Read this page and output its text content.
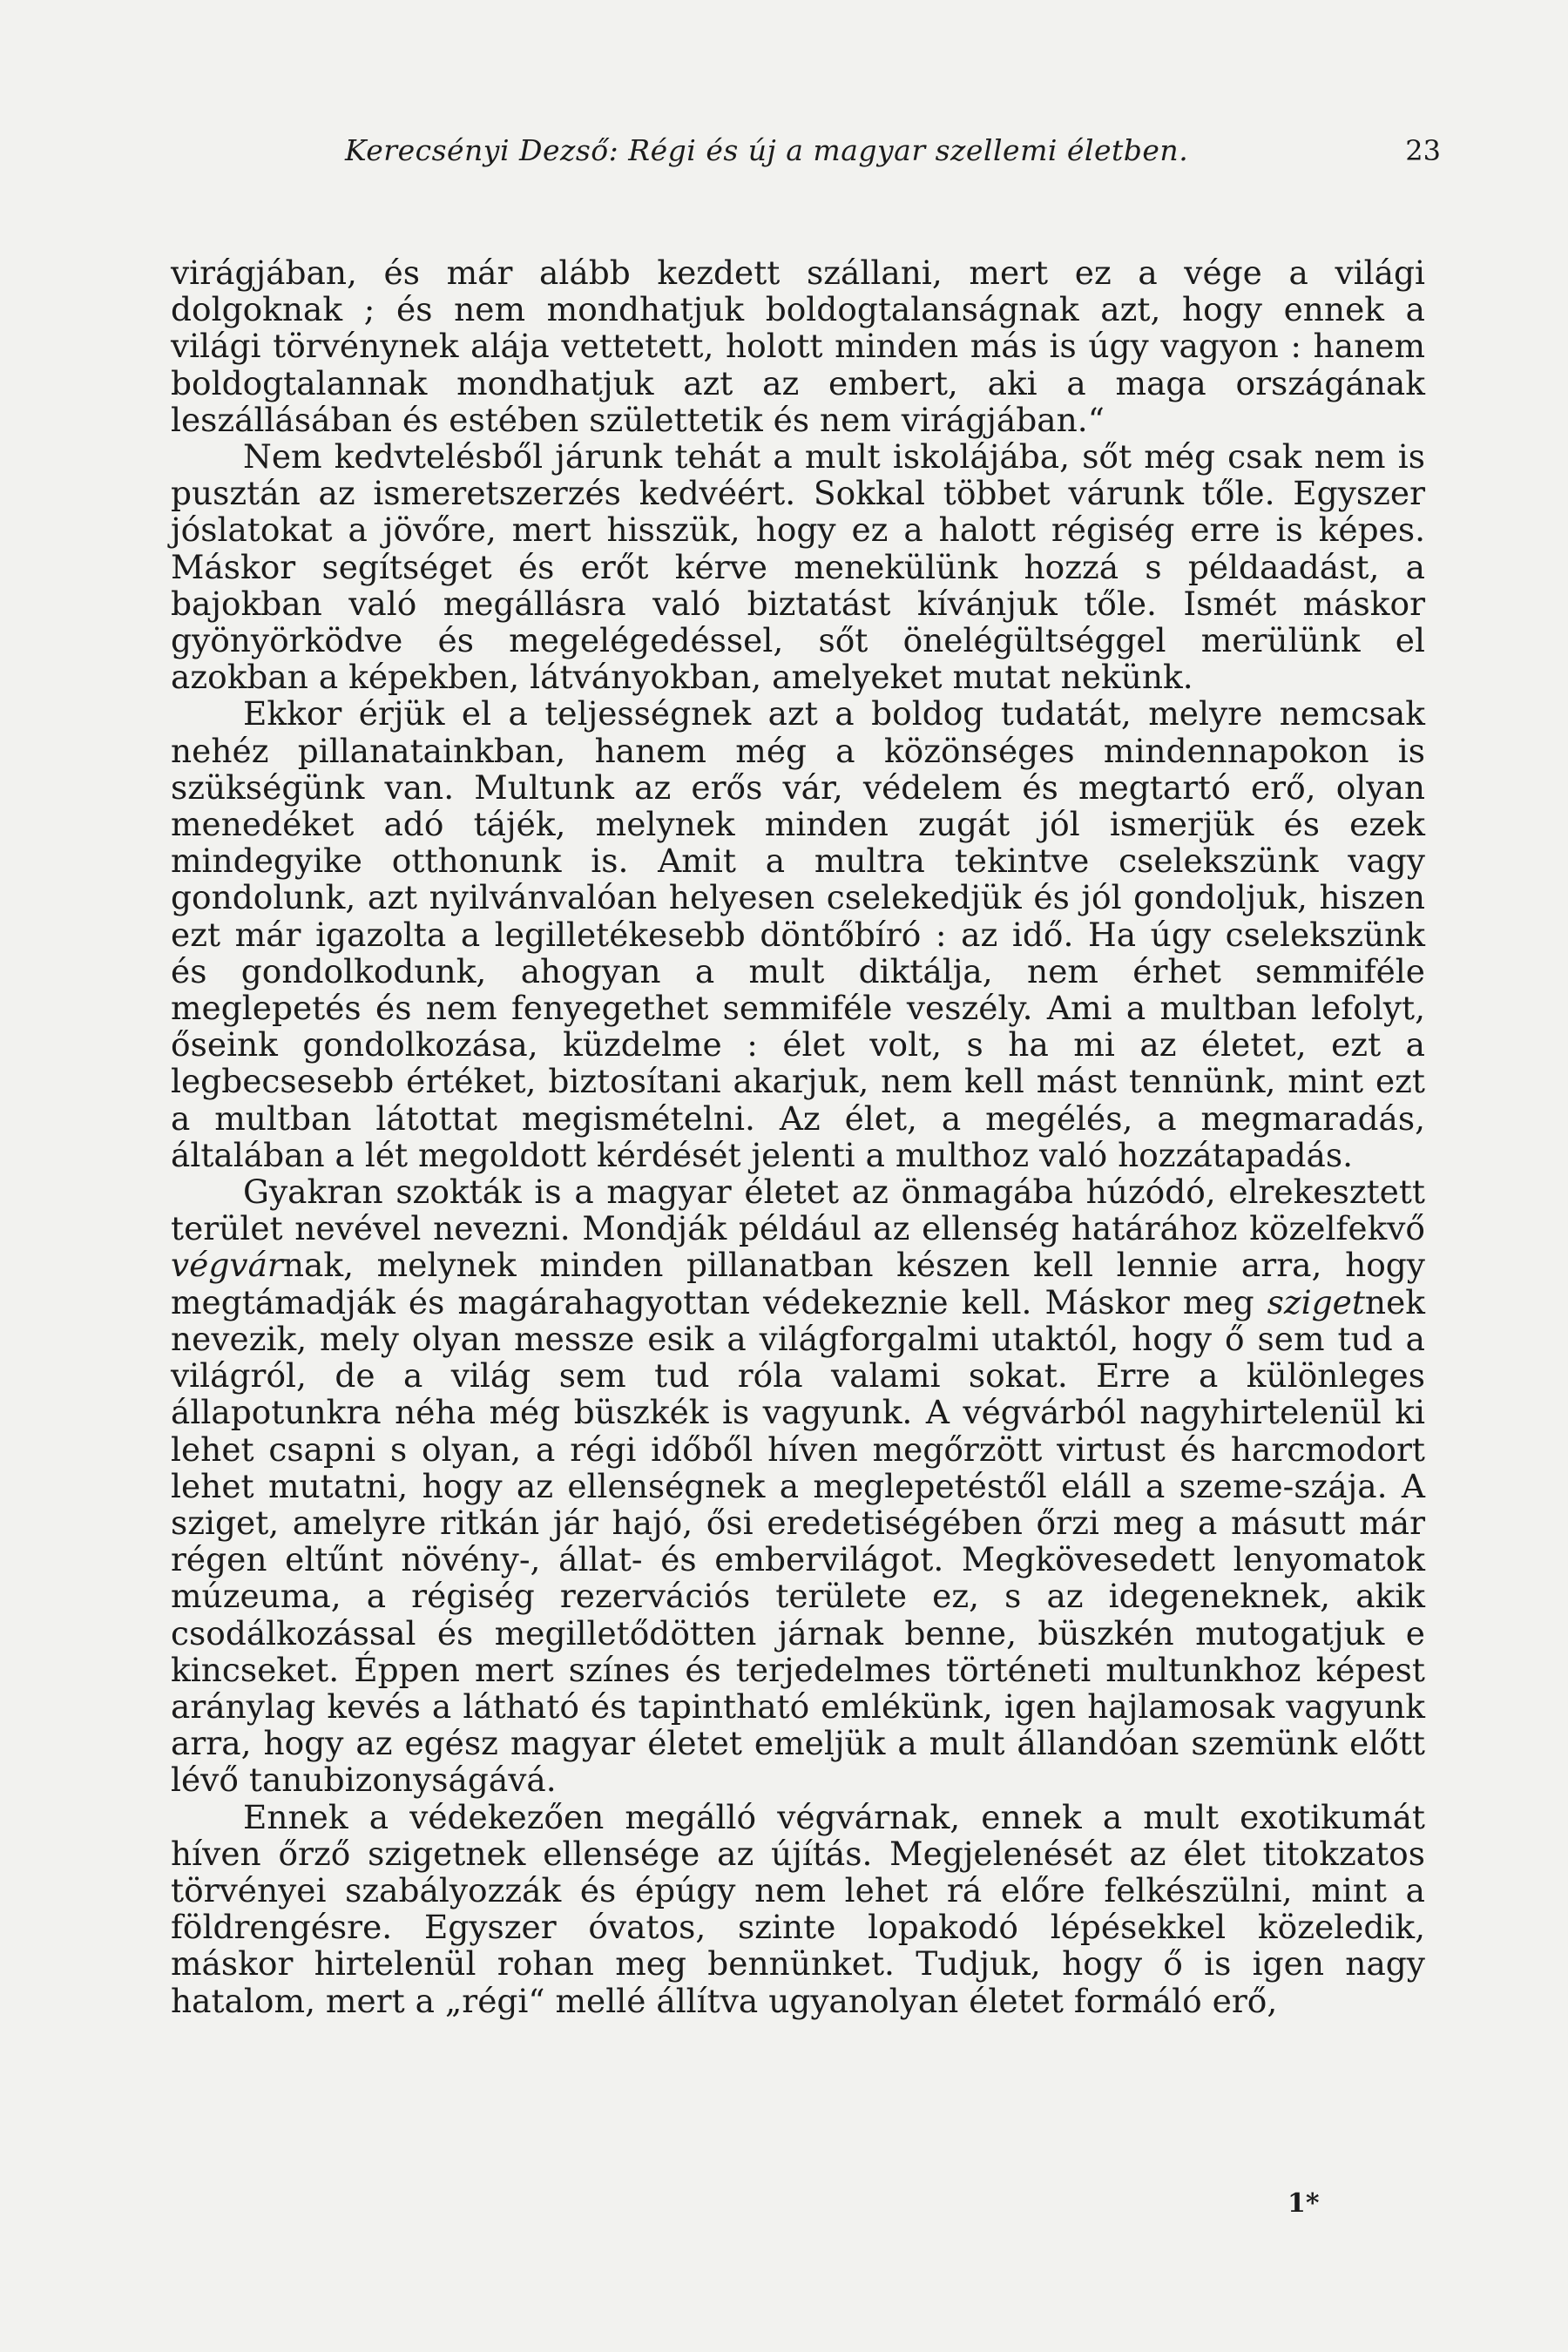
Kerecsényi Dezső: Régi és új a magyar szellemi életben.	23

virágjában, és már alább kezdett szállani, mert ez a vége a világi dolgoknak ; és nem mondhatjuk boldogtalanságnak azt, hogy ennek a világi törvénynek alája vettetett, holott minden más is úgy vagyon : hanem boldogtalannak mondhatjuk azt az embert, aki a maga országának leszállásában és estében születtetik és nem virágjában.“

Nem kedvtelésből járunk tehát a mult iskolájába, sőt még csak nem is pusztán az ismeretszerzés kedvéért. Sokkal többet várunk tőle. Egyszer jóslatokat a jövőre, mert hisszük, hogy ez a halott régiség erre is képes. Máskor segítséget és erőt kérve menekülünk hozzá s példaadást, a bajokban való megállásra való biztatást kívánjuk tőle. Ismét máskor gyönyörködve és megelégedéssel, sőt önelégültséggel merülünk el azokban a képekben, látványokban, amelyeket mutat nekünk.

Ekkor érjük el a teljességnek azt a boldog tudatát, melyre nemcsak nehéz pillanatainkban, hanem még a közönséges mindennapokon is szükségünk van. Multunk az erős vár, védelem és megtartó erő, olyan menedéket adó tájék, melynek minden zugát jól ismerjük és ezek mindegyike otthonunk is. Amit a multra tekintve cselekszünk vagy gondolunk, azt nyilvánvalóan helyesen cselekedjük és jól gondoljuk, hiszen ezt már igazolta a legilletékesebb döntőbíró : az idő. Ha úgy cselekszünk és gondolkodunk, ahogyan a mult diktálja, nem érhet semmiféle meglepetés és nem fenyegethet semmiféle veszély. Ami a multban lefolyt, őseink gondolkozása, küzdelme : élet volt, s ha mi az életet, ezt a legbecsesebb értéket, biztosítani akarjuk, nem kell mást tennünk, mint ezt a multban látottat megismételni. Az élet, a megélés, a megmaradás, általában a lét megoldott kérdését jelenti a multhoz való hozzátapadás.

Gyakran szokták is a magyar életet az önmagába húzódó, elrekesztett terület nevével nevezni. Mondják például az ellenség határához közelfekvő végvárnak, melynek minden pillanatban készen kell lennie arra, hogy megtámadják és magárahagyottan védekeznie kell. Máskor meg szigetnek nevezik, mely olyan messze esik a világforgalmi utaktól, hogy ő sem tud a világról, de a világ sem tud róla valami sokat. Erre a különleges állapotunkra néha még büszkék is vagyunk. A végvárból nagyhirtelenül ki lehet csapni s olyan, a régi időből híven megőrzött virtust és harcmodort lehet mutatni, hogy az ellenségnek a meglepetéstől eláll a szeme-szája. A sziget, amelyre ritkán jár hajó, ősi eredetiségében őrzi meg a másutt már régen eltűnt növény-, állat- és embervilágot. Megkövesedett lenyomatok múzeuma, a régiség rezervációs területe ez, s az idegeneknek, akik csodálkozással és megilletődötten járnak benne, büszkén mutogatjuk e kincseket. Éppen mert színes és terjedelmes történeti multunkhoz képest aránylag kevés a látható és tapintható emlékünk, igen hajlamosak vagyunk arra, hogy az egész magyar életet emeljük a mult állandóan szemünk előtt lévő tanubizonyságává.

Ennek a védekezően megálló végvárnak, ennek a mult exotikumát híven őrző szigetnek ellensége az újítás. Megjelenését az élet titokzatos törvényei szabályozzák és épúgy nem lehet rá előre felkészülni, mint a földrengésre. Egyszer óvatos, szinte lopakodó lépésekkel közeledik, máskor hirtelenül rohan meg bennünket. Tudjuk, hogy ő is igen nagy hatalom, mert a „régi“ mellé állítva ugyanolyan életet formáló erő,

1*
